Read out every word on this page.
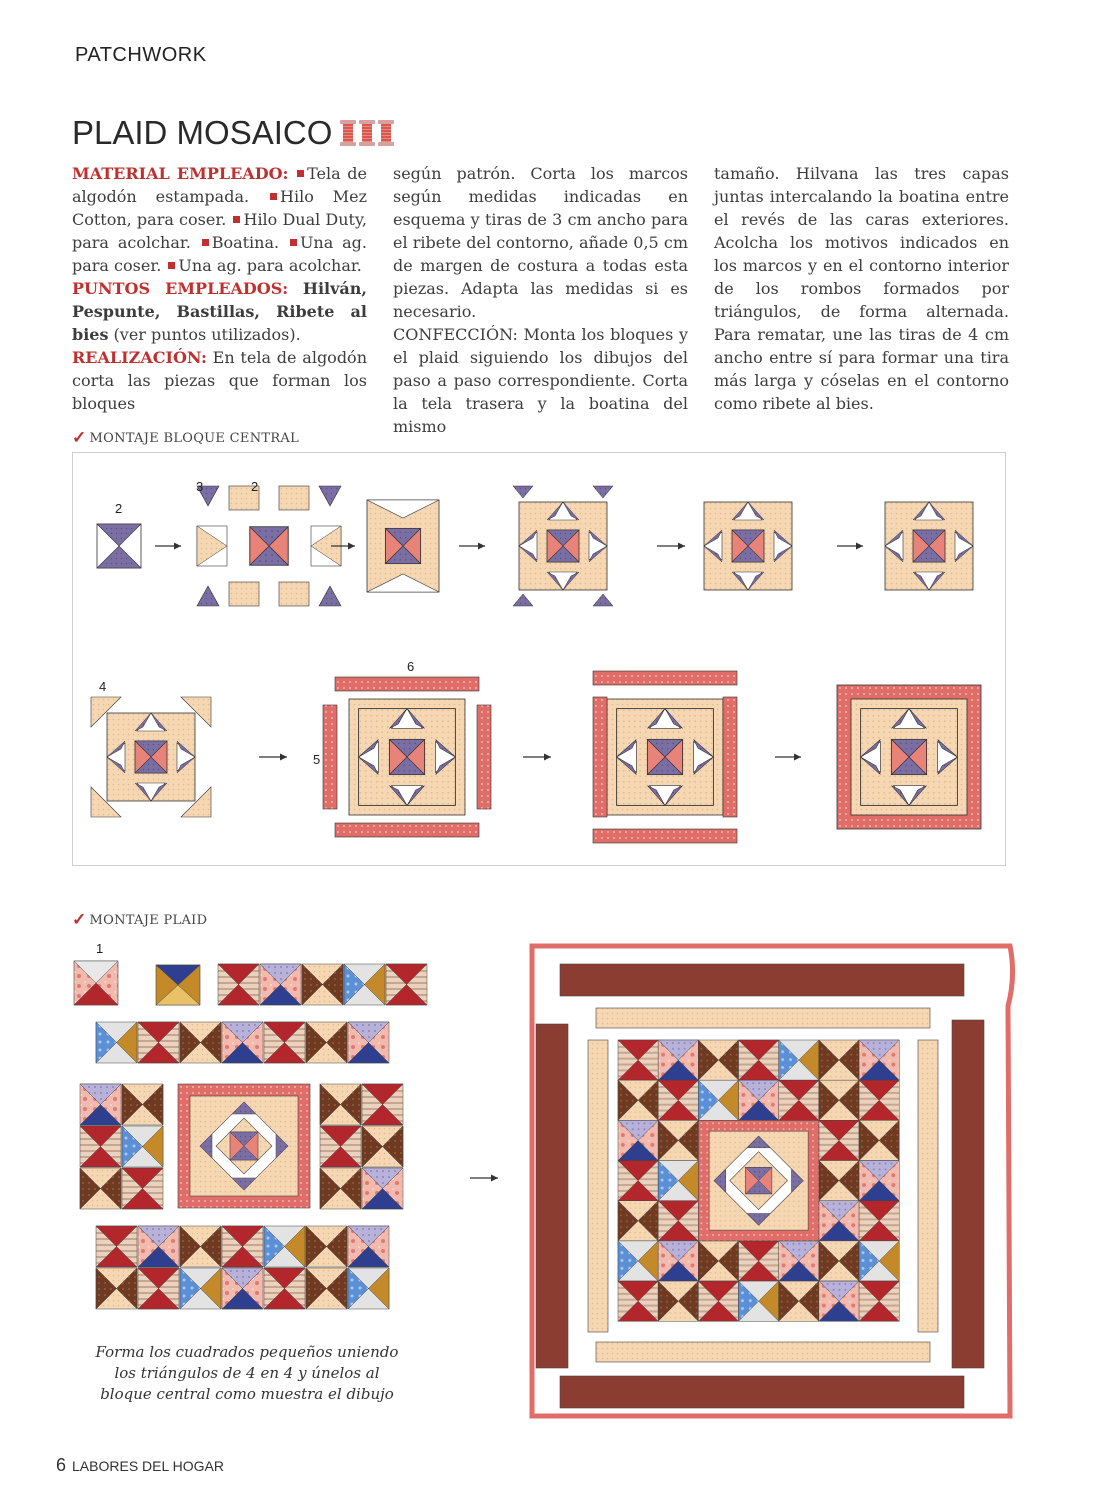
PATCHWORK
PLAID MOSAICO

MATERIAL EMPLEADO: Tela de algodón estampada. Hilo Mez Cotton, para coser. Hilo Dual Duty, para acolchar. Boatina. Una ag. para coser. Una ag. para acolchar.

PUNTOS EMPLEADOS: Hilván, Pespunte, Bastillas, Ribete al bies (ver puntos utilizados).

REALIZACIÓN: En tela de algodón corta las piezas que forman los bloques

según patrón. Corta los marcos según medidas indicadas en esquema y tiras de 3 cm ancho para el ribete del contorno, añade 0,5 cm de margen de costura a todas esta piezas. Adapta las medidas si es necesario.

CONFECCIÓN: Monta los bloques y el plaid siguiendo los dibujos del paso a paso correspondiente. Corta la tela trasera y la boatina del mismo

tamaño. Hilvana las tres capas juntas intercalando la boatina entre el revés de las caras exteriores. Acolcha los motivos indicados en los marcos y en el contorno interior de los rombos formados por triángulos, de forma alternada. Para rematar, une las tiras de 4 cm ancho entre sí para formar una tira más larga y cóselas en el contorno como ribete al bies.

✓ MONTAJE BLOQUE CENTRAL
2
3	2
4
6
5
✓ MONTAJE PLAID
1
Forma los cuadrados pequeños uniendo los triángulos de 4 en 4 y únelos al bloque central como muestra el dibujo
6 LABORES DEL HOGAR
